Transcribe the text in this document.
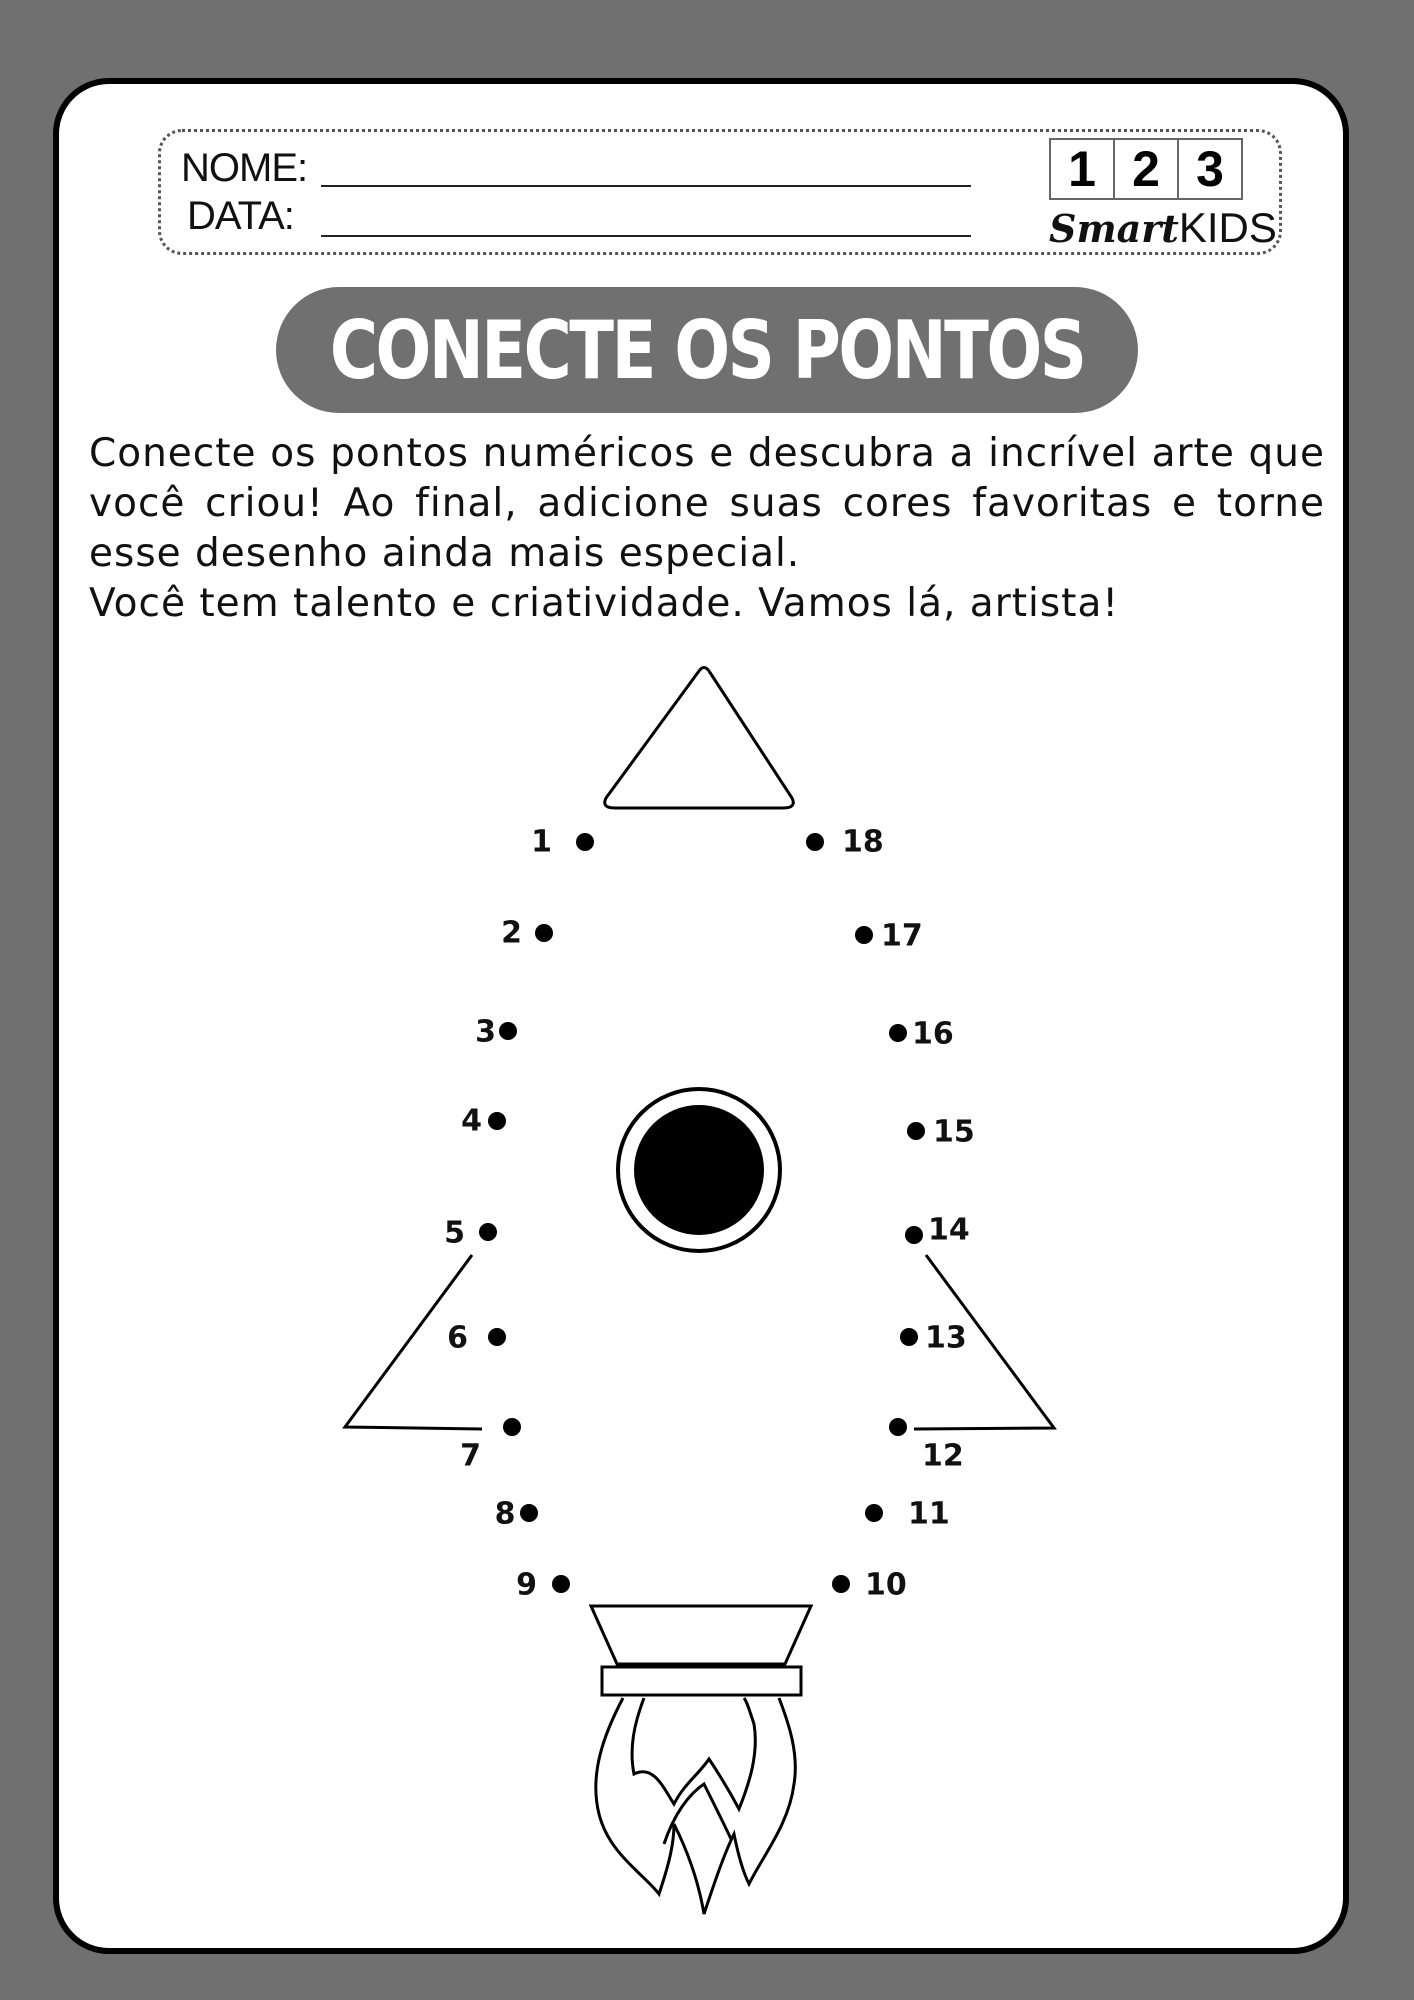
NOME:
DATA:
1 2 3
SmartKIDS
CONECTE OS PONTOS

Conecte os pontos numéricos e descubra a incrível arte que você criou! Ao final, adicione suas cores favoritas e torne esse desenho ainda mais especial.

Você tem talento e criatividade. Vamos lá, artista!

1
2
3
4
5
6
7
8
9	10
11
12
13
14
15
16
17
18
